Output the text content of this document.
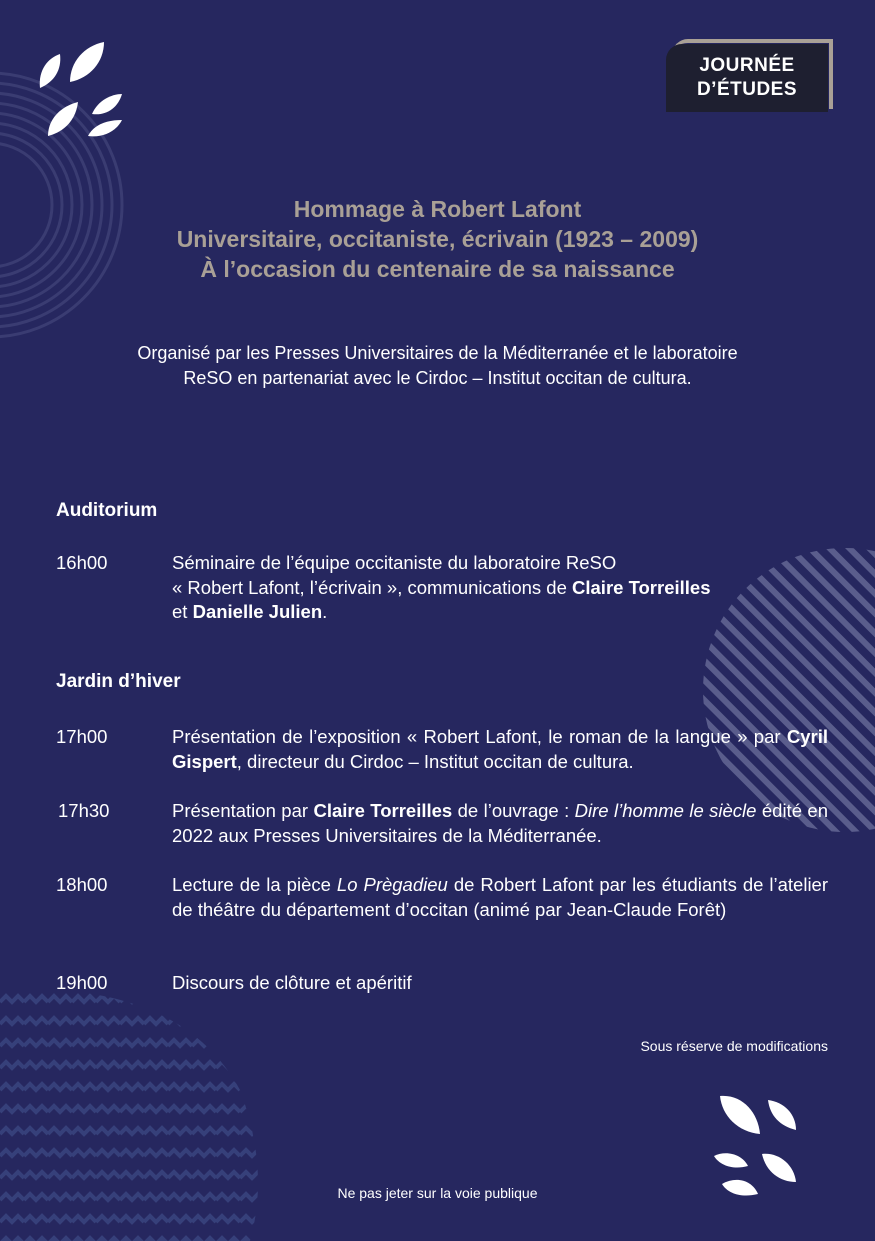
JOURNÉE
D’ÉTUDES
Hommage à Robert Lafont
Universitaire, occitaniste, écrivain (1923 – 2009)
À l’occasion du centenaire de sa naissance
Organisé par les Presses Universitaires de la Méditerranée et le laboratoire
ReSO en partenariat avec le Cirdoc – Institut occitan de cultura.
Auditorium
16h00	Séminaire de l’équipe occitaniste du laboratoire ReSO
« Robert Lafont, l’écrivain », communications de Claire Torreilles
et Danielle Julien.
Jardin d’hiver
17h00	Présentation de l’exposition « Robert Lafont, le roman de la langue » par Cyril Gispert, directeur du Cirdoc – Institut occitan de cultura.
17h30	Présentation par Claire Torreilles de l’ouvrage : Dire l’homme le siècle édité en 2022 aux Presses Universitaires de la Méditerranée.
18h00	Lecture de la pièce Lo Prègadieu de Robert Lafont par les étudiants de l’atelier de théâtre du département d’occitan (animé par Jean-Claude Forêt)
19h00	Discours de clôture et apéritif
Sous réserve de modifications
Ne pas jeter sur la voie publique
